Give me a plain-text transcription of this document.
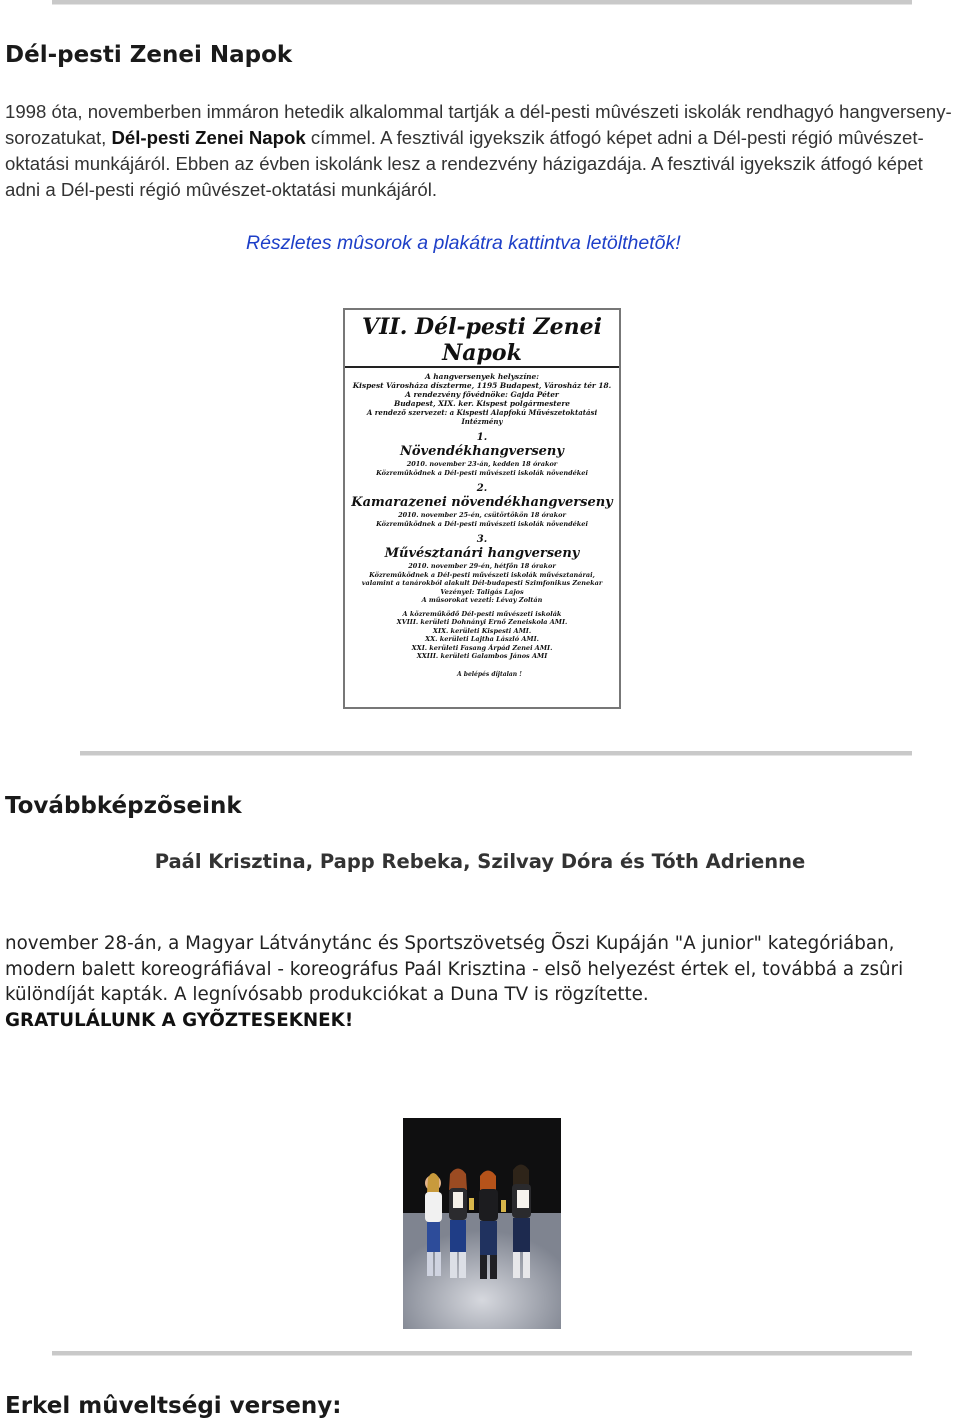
Dél-pesti Zenei Napok

1998 óta, novemberben immáron hetedik alkalommal tartják a dél-pesti mûvészeti iskolák rendhagyó hangverseny-sorozatukat, Dél-pesti Zenei Napok címmel. A fesztivál igyekszik átfogó képet adni a Dél-pesti régió mûvészet-oktatási munkájáról. Ebben az évben iskolánk lesz a rendezvény házigazdája. A fesztivál igyekszik átfogó képet adni a Dél-pesti régió mûvészet-oktatási munkájáról.

Részletes mûsorok a plakátra kattintva letölthetõk!
VII. Dél-pesti Zenei Napok
A hangversenyek helyszíne:
Kispest Városháza díszterme, 1195 Budapest, Városház tér 18.
A rendezvény fővédnöke: Gajda Péter
Budapest, XIX. ker. Kispest polgármestere
A rendező szervezet: a Kispesti Alapfokú Művészetoktatási Intézmény
1.
Növendékhangverseny
2010. november 23-án, kedden 18 órakor
Közreműködnek a Dél-pesti művészeti iskolák növendékei
2.
Kamarazenei növendékhangverseny
2010. november 25-én, csütörtökön 18 órakor
Közreműködnek a Dél-pesti művészeti iskolák növendékei
3.
Művésztanári hangverseny
2010. november 29-én, hétfőn 18 órakor
Közreműködnek a Dél-pesti művészeti iskolák művésztanárai,
valamint a tanárokból alakult Dél-budapesti Szimfonikus Zenekar
Vezényel: Taligás Lajos
A műsorokat vezeti: Lévay Zoltán
A közreműködő Dél-pesti művészeti iskolák
XVIII. kerületi Dohnányi Ernő Zeneiskola AMI.
XIX. kerületi Kispesti AMI.
XX. kerületi Lajtha László AMI.
XXI. kerületi Fasang Árpád Zenei AMI.
XXIII. kerületi Galambos János AMI
A belépés díjtalan !
Továbbképzõseink

Paál Krisztina, Papp Rebeka, Szilvay Dóra és Tóth Adrienne

november 28-án, a Magyar Látványtánc és Sportszövetség Õszi Kupáján "A junior" kategóriában, modern balett koreográfiával - koreográfus Paál Krisztina - elsõ helyezést értek el, továbbá a zsûri különdíját kapták. A legnívósabb produkciókat a Duna TV is rögzítette.
GRATULÁLUNK A GYÕZTESEKNEK!

Erkel mûveltségi verseny:
